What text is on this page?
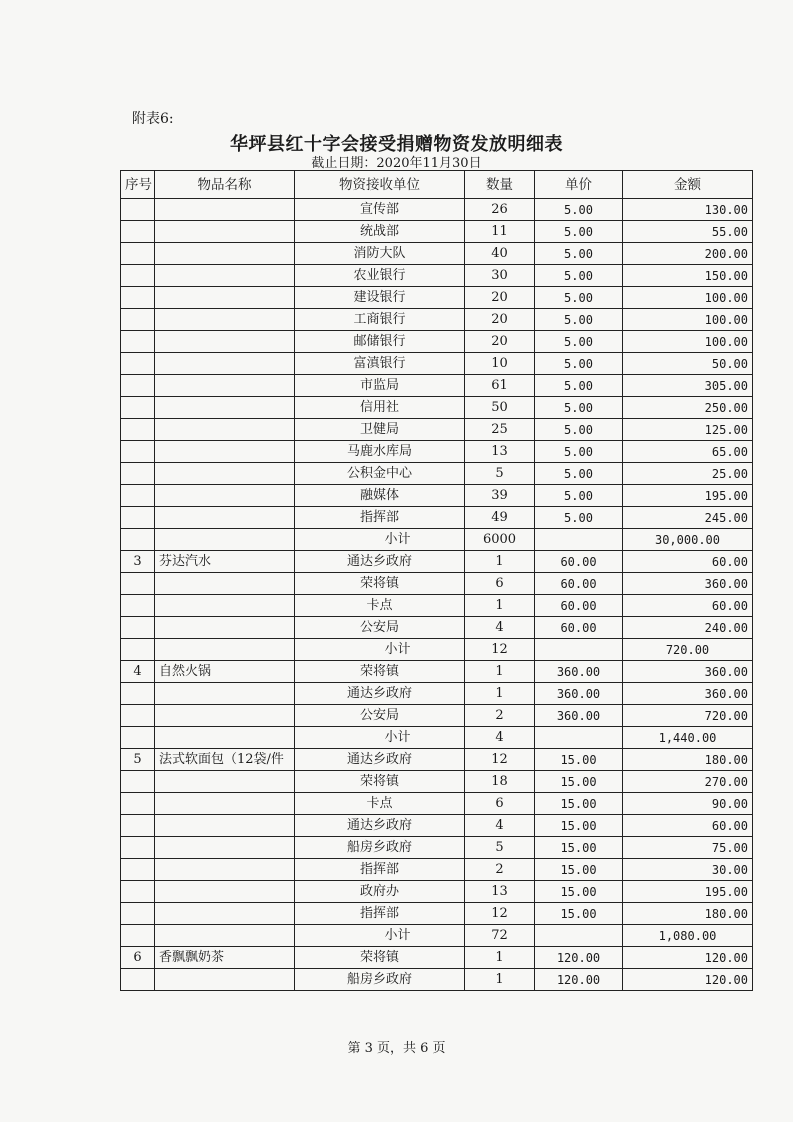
附表6:
华坪县红十字会接受捐赠物资发放明细表
截止日期：2020年11月30日
序号	物品名称	物资接收单位	数量	单价	金额
		宣传部	26	5.00	130.00
		统战部	11	5.00	55.00
		消防大队	40	5.00	200.00
		农业银行	30	5.00	150.00
		建设银行	20	5.00	100.00
		工商银行	20	5.00	100.00
		邮储银行	20	5.00	100.00
		富滇银行	10	5.00	50.00
		市监局	61	5.00	305.00
		信用社	50	5.00	250.00
		卫健局	25	5.00	125.00
		马鹿水库局	13	5.00	65.00
		公积金中心	5	5.00	25.00
		融媒体	39	5.00	195.00
		指挥部	49	5.00	245.00
		小计	6000		30,000.00
3	芬达汽水	通达乡政府	1	60.00	60.00
		荣将镇	6	60.00	360.00
		卡点	1	60.00	60.00
		公安局	4	60.00	240.00
		小计	12		720.00
4	自然火锅	荣将镇	1	360.00	360.00
		通达乡政府	1	360.00	360.00
		公安局	2	360.00	720.00
		小计	4		1,440.00
5	法式软面包（12袋/件	通达乡政府	12	15.00	180.00
		荣将镇	18	15.00	270.00
		卡点	6	15.00	90.00
		通达乡政府	4	15.00	60.00
		船房乡政府	5	15.00	75.00
		指挥部	2	15.00	30.00
		政府办	13	15.00	195.00
		指挥部	12	15.00	180.00
		小计	72		1,080.00
6	香飘飘奶茶	荣将镇	1	120.00	120.00
		船房乡政府	1	120.00	120.00
第 3 页，共 6 页
